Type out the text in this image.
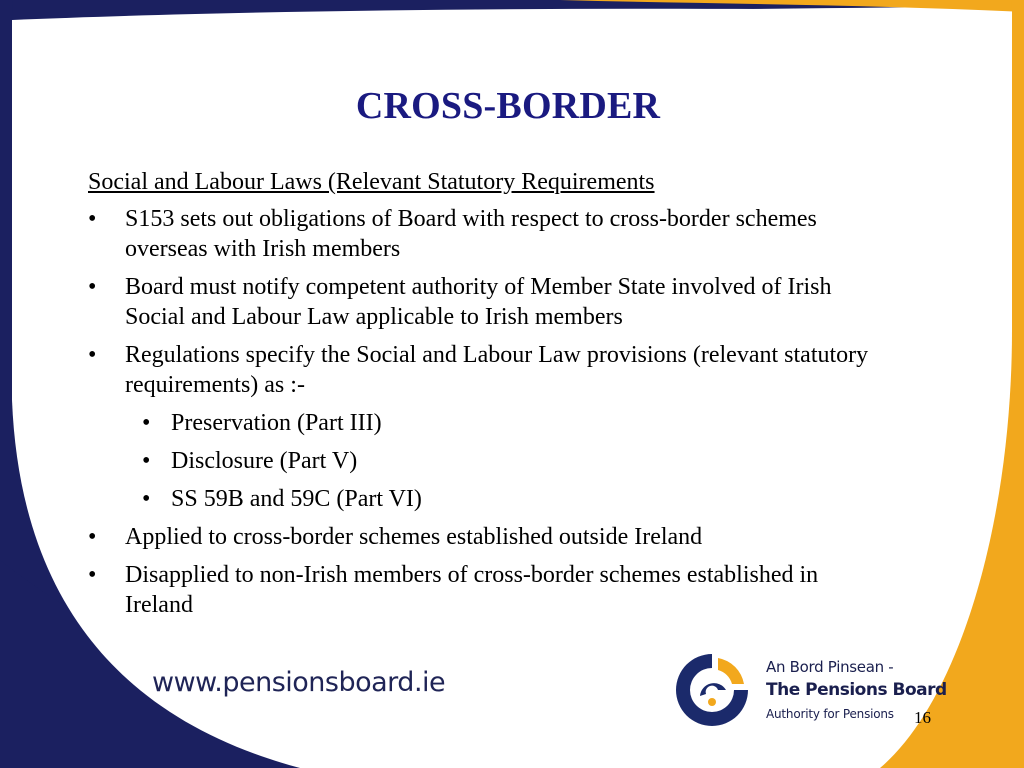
CROSS-BORDER
Social and Labour Laws (Relevant Statutory Requirements
• S153 sets out obligations of Board with respect to cross-border schemes overseas with Irish members
• Board must notify competent authority of Member State involved of Irish Social and Labour Law applicable to Irish members
• Regulations specify the Social and Labour Law provisions (relevant statutory requirements) as :-
• Preservation (Part III)
• Disclosure (Part V)
• SS 59B and 59C (Part VI)
• Applied to cross-border schemes established outside Ireland
• Disapplied to non-Irish members of cross-border schemes established in Ireland
www.pensionsboard.ie	An Bord Pinsean -
The Pensions Board
Authority for Pensions	16
